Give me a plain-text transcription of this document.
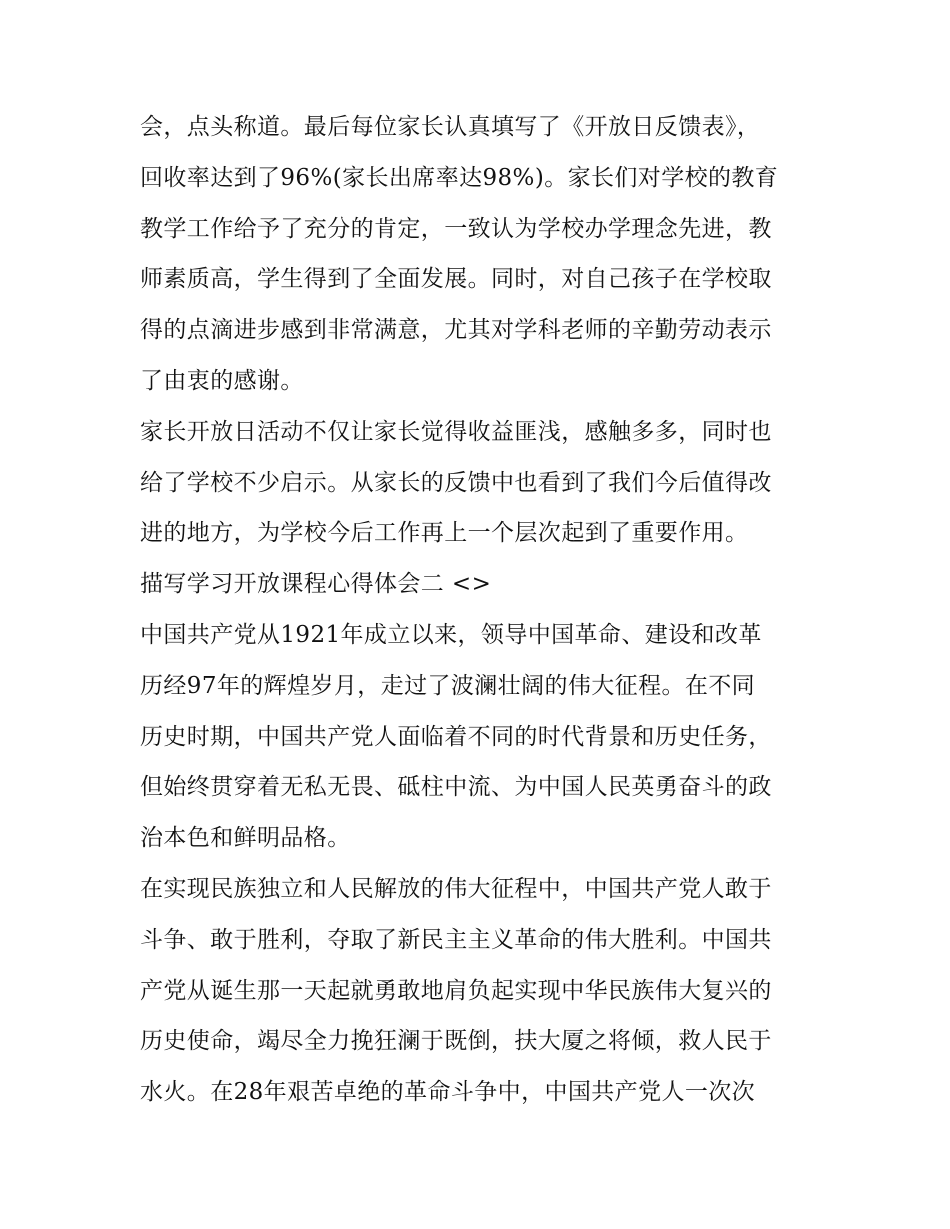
会，点头称道。最后每位家长认真填写了《开放日反馈表》，
回收率达到了96%(家长出席率达98%)。家长们对学校的教育
教学工作给予了充分的肯定，一致认为学校办学理念先进，教
师素质高，学生得到了全面发展。同时，对自己孩子在学校取
得的点滴进步感到非常满意，尤其对学科老师的辛勤劳动表示
了由衷的感谢。
家长开放日活动不仅让家长觉得收益匪浅，感触多多，同时也
给了学校不少启示。从家长的反馈中也看到了我们今后值得改
进的地方，为学校今后工作再上一个层次起到了重要作用。
描写学习开放课程心得体会二 <>
中国共产党从1921年成立以来，领导中国革命、建设和改革
历经97年的辉煌岁月，走过了波澜壮阔的伟大征程。在不同
历史时期，中国共产党人面临着不同的时代背景和历史任务，
但始终贯穿着无私无畏、砥柱中流、为中国人民英勇奋斗的政
治本色和鲜明品格。
在实现民族独立和人民解放的伟大征程中，中国共产党人敢于
斗争、敢于胜利，夺取了新民主主义革命的伟大胜利。中国共
产党从诞生那一天起就勇敢地肩负起实现中华民族伟大复兴的
历史使命，竭尽全力挽狂澜于既倒，扶大厦之将倾，救人民于
水火。在28年艰苦卓绝的革命斗争中，中国共产党人一次次
